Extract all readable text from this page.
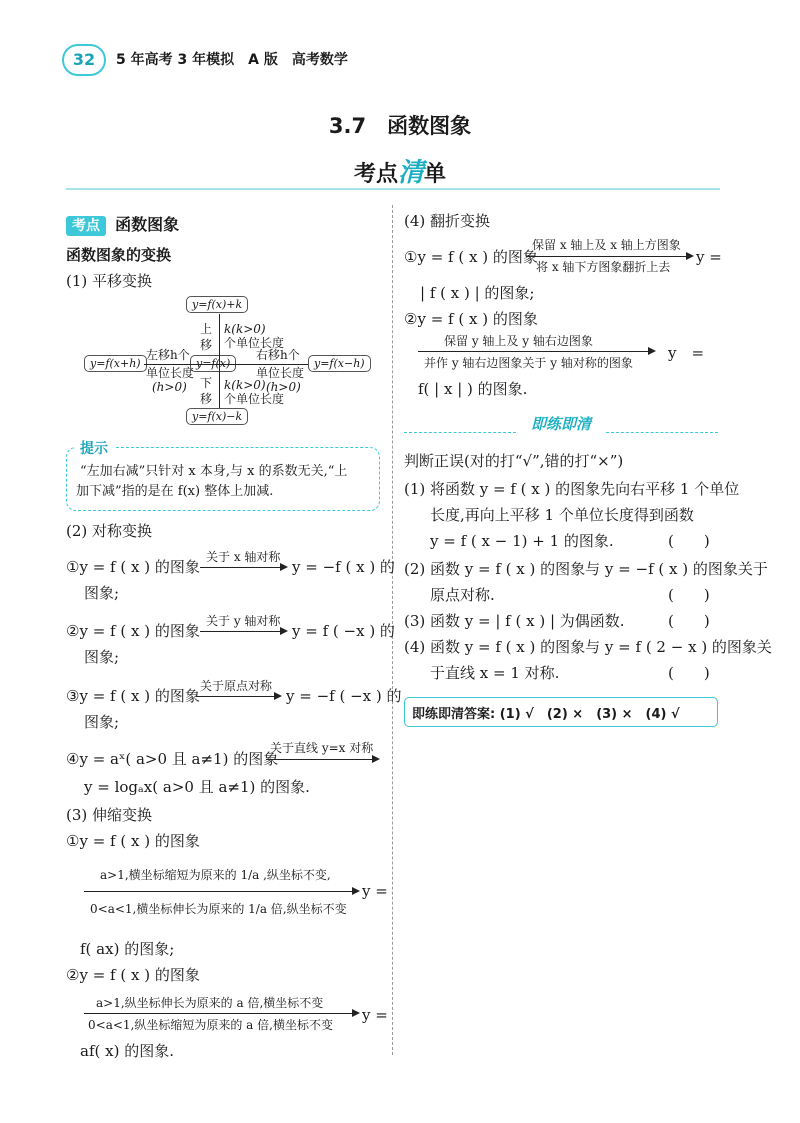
32	5 年高考 3 年模拟　A 版　高考数学
3.7　函数图象
考点清单
考点 函数图象
函数图象的变换
(1) 平移变换
y=f(x)+k
y=f(x)
y=f(x+h)	y=f(x−h)
y=f(x)−k
上
移
k(k>0)
个单位长度
下
移
k(k>0)
个单位长度
左移h个
单位长度
(h>0)
右移h个
单位长度
(h>0)
提示
“左加右减”只针对 x 本身,与 x 的系数无关,“上
加下减”指的是在 f(x) 整体上加减.
(2) 对称变换
①y = f ( x ) 的图象
关于 x 轴对称
y = −f ( x ) 的
图象;
②y = f ( x ) 的图象
关于 y 轴对称
y = f ( −x ) 的
图象;
③y = f ( x ) 的图象
关于原点对称
y = −f ( −x ) 的
图象;
④y = aˣ( a>0 且 a≠1) 的图象
关于直线 y=x 对称
y = logₐx( a>0 且 a≠1) 的图象.
(3) 伸缩变换
①y = f ( x ) 的图象
a>1,横坐标缩短为原来的 1/a ,纵坐标不变,
0<a<1,横坐标伸长为原来的 1/a 倍,纵坐标不变
y =
f( ax) 的图象;
②y = f ( x ) 的图象
a>1,纵坐标伸长为原来的 a 倍,横坐标不变
0<a<1,纵坐标缩短为原来的 a 倍,横坐标不变
y =
af( x) 的图象.
(4) 翻折变换
①y = f ( x ) 的图象
保留 x 轴上及 x 轴上方图象
将 x 轴下方图象翻折上去
y =
| f ( x ) | 的图象;
②y = f ( x ) 的图象
保留 y 轴上及 y 轴右边图象
并作 y 轴右边图象关于 y 轴对称的图象
y　=
f( | x | ) 的图象.
即练即清
判断正误(对的打“√”,错的打“×”)
(1) 将函数 y = f ( x ) 的图象先向右平移 1 个单位
长度,再向上平移 1 个单位长度得到函数
y = f ( x − 1) + 1 的图象.	(　　)
(2) 函数 y = f ( x ) 的图象与 y = −f ( x ) 的图象关于
原点对称.	(　　)
(3) 函数 y = | f ( x ) | 为偶函数.	(　　)
(4) 函数 y = f ( x ) 的图象与 y = f ( 2 − x ) 的图象关
于直线 x = 1 对称.	(　　)
即练即清答案: (1) √　(2) ×　(3) ×　(4) √
